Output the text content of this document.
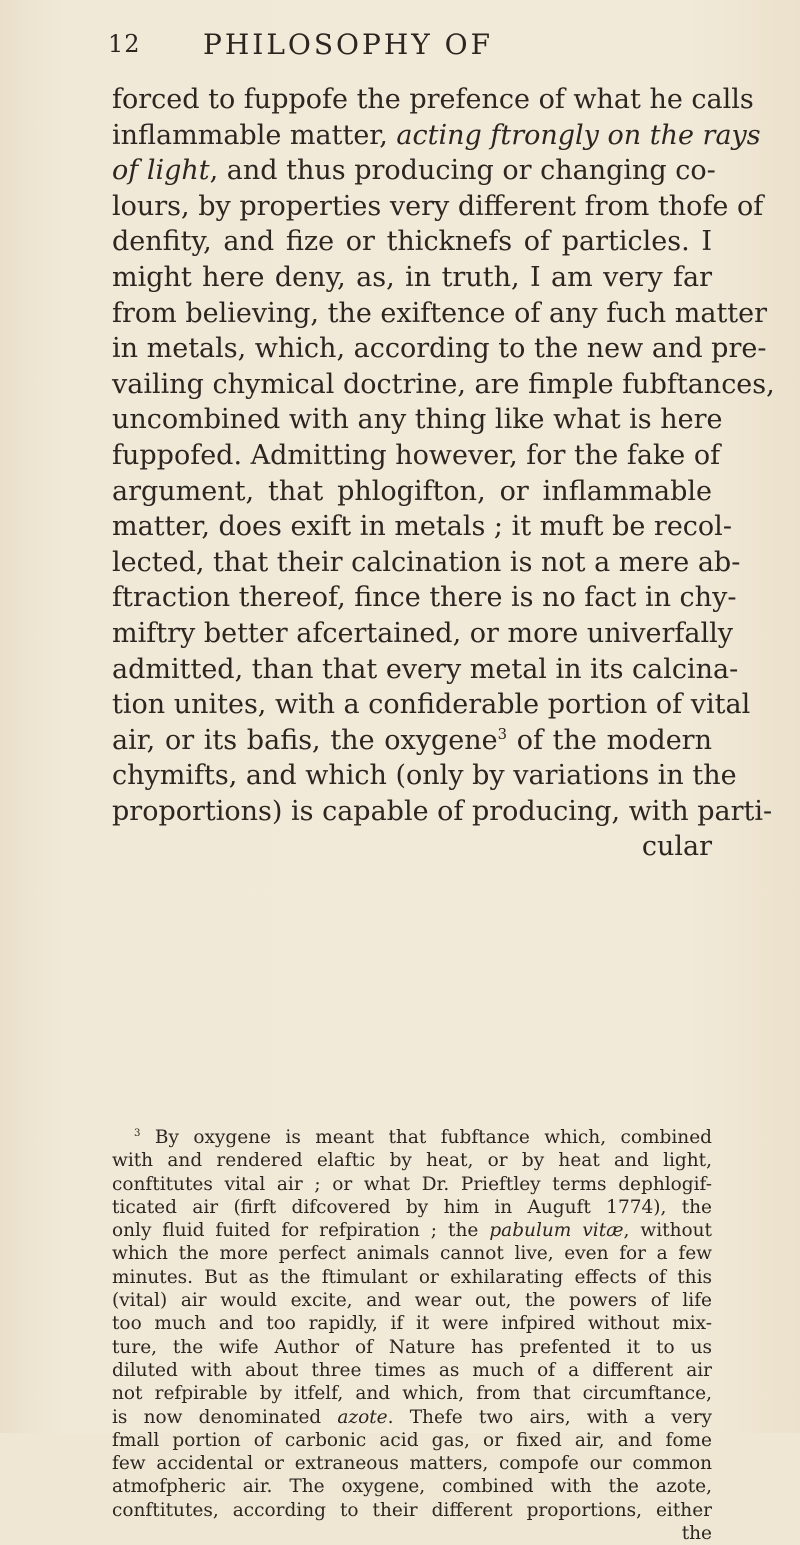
12 PHILOSOPHY OF
forced to fuppofe the prefence of what he calls
inflammable matter, acting ftrongly on the rays
of light, and thus producing or changing co-
lours, by properties very different from thofe of
denfity, and fize or thicknefs of particles. I
might here deny, as, in truth, I am very far
from believing, the exiftence of any fuch matter
in metals, which, according to the new and pre-
vailing chymical doctrine, are fimple fubftances,
uncombined with any thing like what is here
fuppofed. Admitting however, for the fake of
argument, that phlogifton, or inflammable
matter, does exift in metals ; it muft be recol-
lected, that their calcination is not a mere ab-
ftraction thereof, fince there is no fact in chy-
miftry better afcertained, or more univerfally
admitted, than that every metal in its calcina-
tion unites, with a confiderable portion of vital
air, or its bafis, the oxygene$^3$ of the modern
chymifts, and which (only by variations in the
proportions) is capable of producing, with parti-
cular
$^3$ By oxygene is meant that fubftance which, combined
with and rendered elaftic by heat, or by heat and light,
conftitutes vital air ; or what Dr. Prieftley terms dephlogif-
ticated air (firft difcovered by him in Auguft 1774), the
only fluid fuited for refpiration ; the pabulum vitæ, without
which the more perfect animals cannot live, even for a few
minutes. But as the ftimulant or exhilarating effects of this
(vital) air would excite, and wear out, the powers of life
too much and too rapidly, if it were infpired without mix-
ture, the wife Author of Nature has prefented it to us
diluted with about three times as much of a different air
not refpirable by itfelf, and which, from that circumftance,
is now denominated azote. Thefe two airs, with a very
fmall portion of carbonic acid gas, or fixed air, and fome
few accidental or extraneous matters, compofe our common
atmofpheric air. The oxygene, combined with the azote,
conftitutes, according to their different proportions, either
the
